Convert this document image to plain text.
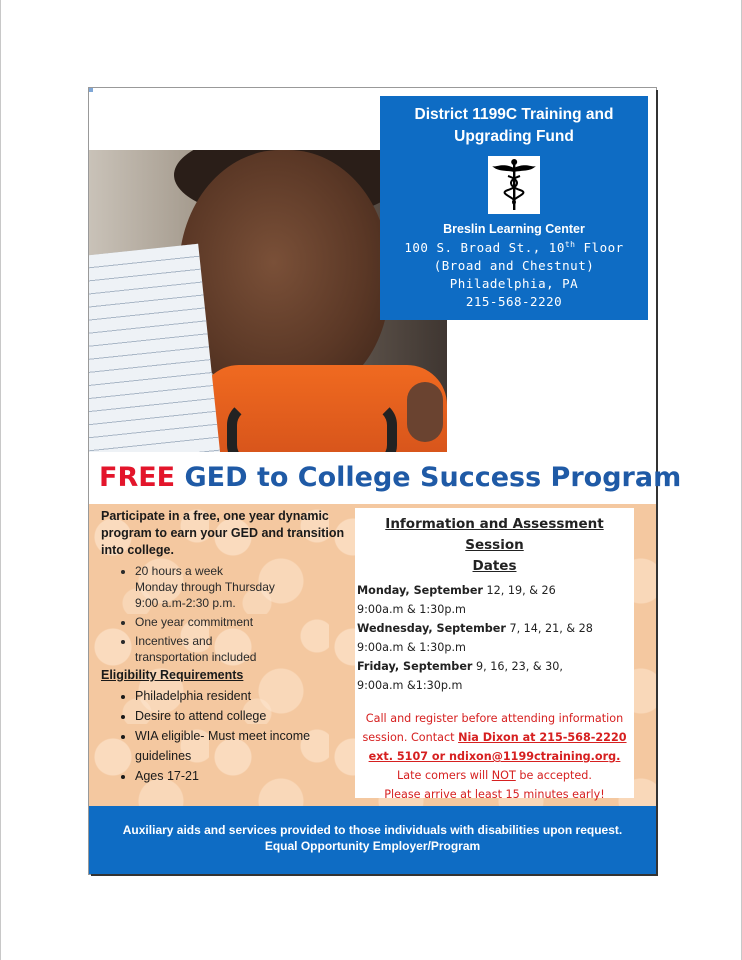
District 1199C Training and
Upgrading Fund
Breslin Learning Center
100 S. Broad St., 10th Floor
(Broad and Chestnut)
Philadelphia, PA
215-568-2220
FREE GED to College Success Program
Participate in a free, one year dynamic program to earn your GED and transition into college.
• 20 hours a week
Monday through Thursday
9:00 a.m-2:30 p.m.
• One year commitment
• Incentives and
transportation included
Eligibility Requirements
• Philadelphia resident
• Desire to attend college
• WIA eligible- Must meet income guidelines
• Ages 17-21
Information and Assessment Session
Dates
Monday, September 12, 19, & 26
9:00a.m & 1:30p.m
Wednesday, September 7, 14, 21, & 28
9:00a.m & 1:30p.m
Friday, September 9, 16, 23, & 30,
9:00a.m &1:30p.m
Call and register before attending information
session. Contact Nia Dixon at 215-568-2220
ext. 5107 or ndixon@1199ctraining.org.
Late comers will NOT be accepted.
Please arrive at least 15 minutes early!
Auxiliary aids and services provided to those individuals with disabilities upon request.
Equal Opportunity Employer/Program
